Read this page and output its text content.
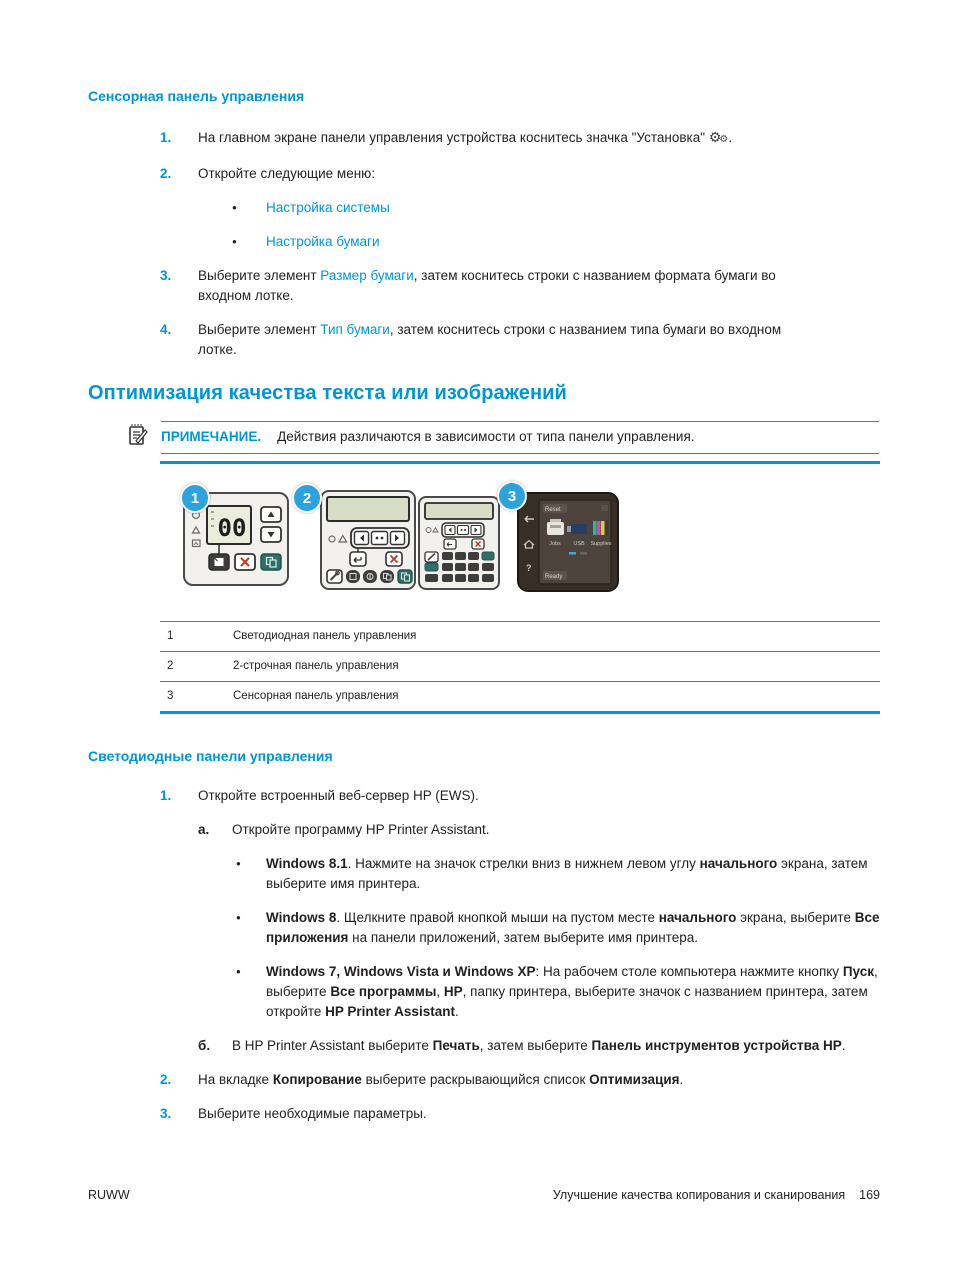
Сенсорная панель управления
1.	На главном экране панели управления устройства коснитесь значка "Установка" ⚙⚙.
2.	Откройте следующие меню:
●
Настройка системы
●
Настройка бумаги
3.	Выберите элемент Размер бумаги, затем коснитесь строки с названием формата бумаги во входном лотке.
4.	Выберите элемент Тип бумаги, затем коснитесь строки с названием типа бумаги во входном лотке.
Оптимизация качества текста или изображений
ПРИМЕЧАНИЕ. Действия различаются в зависимости от типа панели управления.
1	2	3
00
?
Reset
Jobs USB Supplies
Ready
1	Светодиодная панель управления
2	2-строчная панель управления
3	Сенсорная панель управления
Светодиодные панели управления
1.	Откройте встроенный веб-сервер HP (EWS).
а.	Откройте программу HP Printer Assistant.
●
Windows 8.1. Нажмите на значок стрелки вниз в нижнем левом углу начального экрана, затем выберите имя принтера.
●
Windows 8. Щелкните правой кнопкой мыши на пустом месте начального экрана, выберите Все приложения на панели приложений, затем выберите имя принтера.
●
Windows 7, Windows Vista и Windows XP: На рабочем столе компьютера нажмите кнопку Пуск, выберите Все программы, HP, папку принтера, выберите значок с названием принтера, затем откройте HP Printer Assistant.
б.	В HP Printer Assistant выберите Печать, затем выберите Панель инструментов устройства HP.
2.	На вкладке Копирование выберите раскрывающийся список Оптимизация.
3.	Выберите необходимые параметры.
RUWW	Улучшение качества копирования и сканирования 169
